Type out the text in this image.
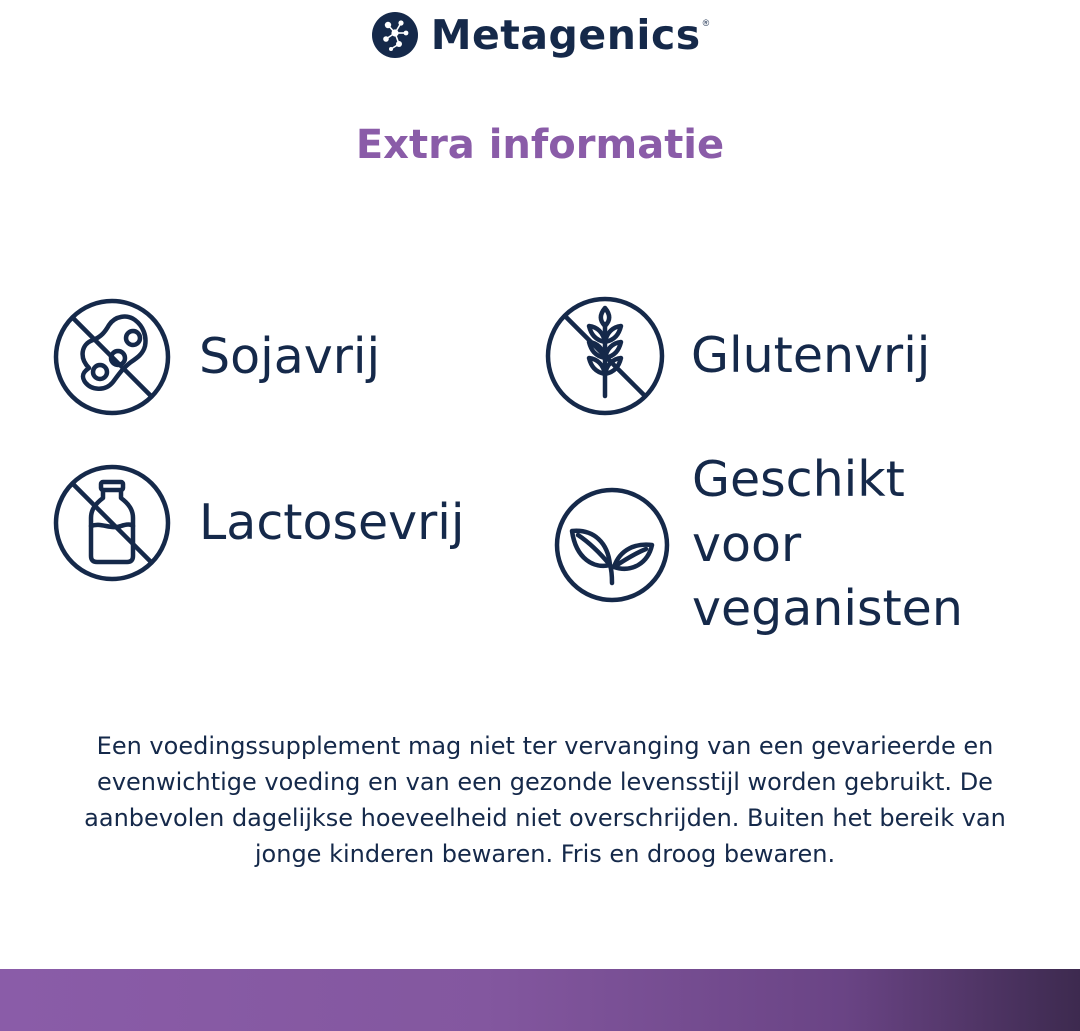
Metagenics ®
Extra informatie
Sojavrij	Glutenvrij
Lactosevrij
Geschikt voor veganisten

Een voedingssupplement mag niet ter vervanging van een gevarieerde en evenwichtige voeding en van een gezonde levensstijl worden gebruikt. De aanbevolen dagelijkse hoeveelheid niet overschrijden. Buiten het bereik van jonge kinderen bewaren. Fris en droog bewaren.
